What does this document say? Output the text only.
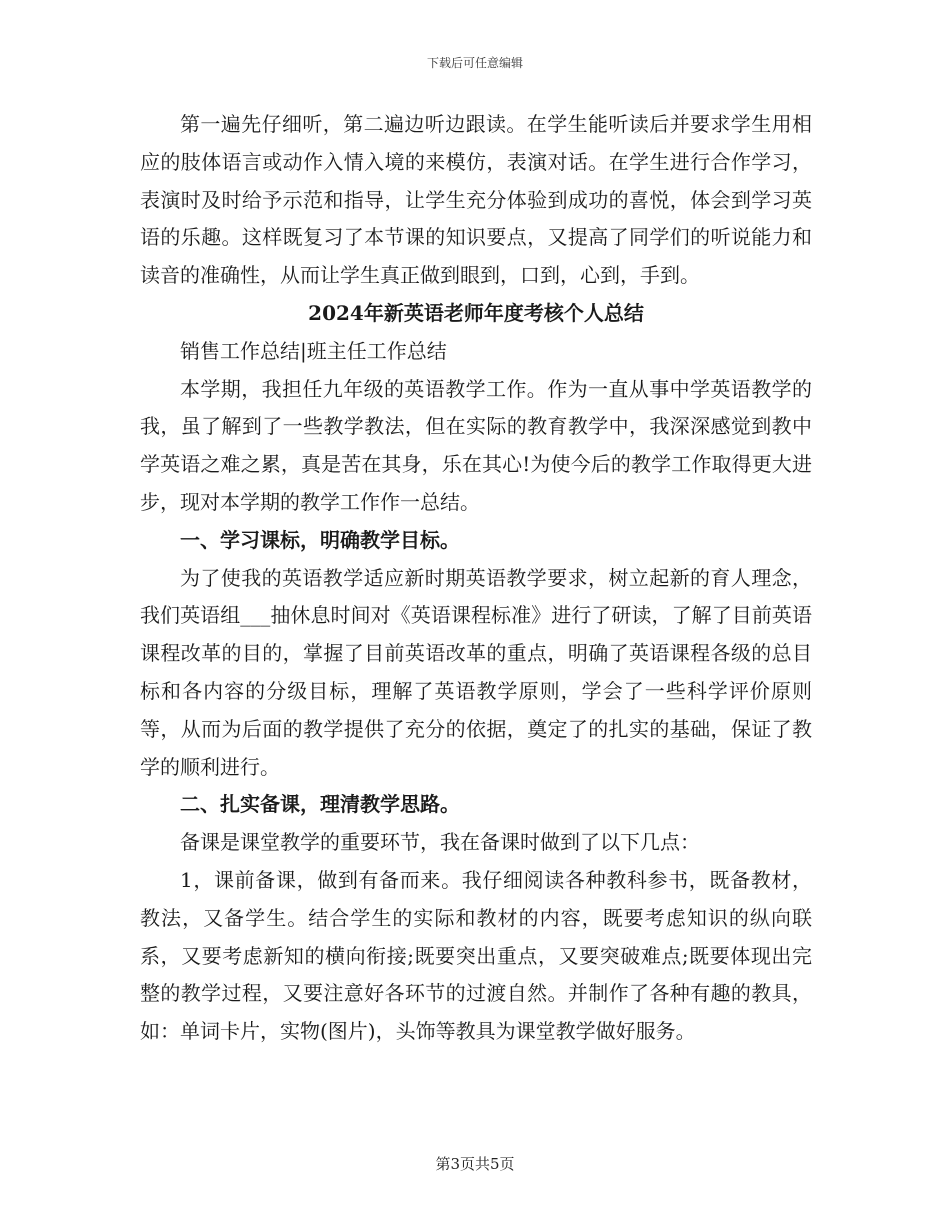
下载后可任意编辑

第一遍先仔细听，第二遍边听边跟读。在学生能听读后并要求学生用相应的肢体语言或动作入情入境的来模仿，表演对话。在学生进行合作学习，表演时及时给予示范和指导，让学生充分体验到成功的喜悦，体会到学习英语的乐趣。这样既复习了本节课的知识要点，又提高了同学们的听说能力和读音的准确性，从而让学生真正做到眼到，口到，心到，手到。

2024年新英语老师年度考核个人总结

销售工作总结|班主任工作总结

本学期，我担任九年级的英语教学工作。作为一直从事中学英语教学的我，虽了解到了一些教学教法，但在实际的教育教学中，我深深感觉到教中学英语之难之累，真是苦在其身，乐在其心!为使今后的教学工作取得更大进步，现对本学期的教学工作作一总结。

一、学习课标，明确教学目标。

为了使我的英语教学适应新时期英语教学要求，树立起新的育人理念，我们英语组___抽休息时间对《英语课程标准》进行了研读，了解了目前英语课程改革的目的，掌握了目前英语改革的重点，明确了英语课程各级的总目标和各内容的分级目标，理解了英语教学原则，学会了一些科学评价原则等，从而为后面的教学提供了充分的依据，奠定了的扎实的基础，保证了教学的顺利进行。

二、扎实备课，理清教学思路。

备课是课堂教学的重要环节，我在备课时做到了以下几点：

1，课前备课，做到有备而来。我仔细阅读各种教科参书，既备教材，教法，又备学生。结合学生的实际和教材的内容，既要考虑知识的纵向联系，又要考虑新知的横向衔接;既要突出重点，又要突破难点;既要体现出完整的教学过程，又要注意好各环节的过渡自然。并制作了各种有趣的教具，如：单词卡片，实物(图片)，头饰等教具为课堂教学做好服务。

第3页共5页
